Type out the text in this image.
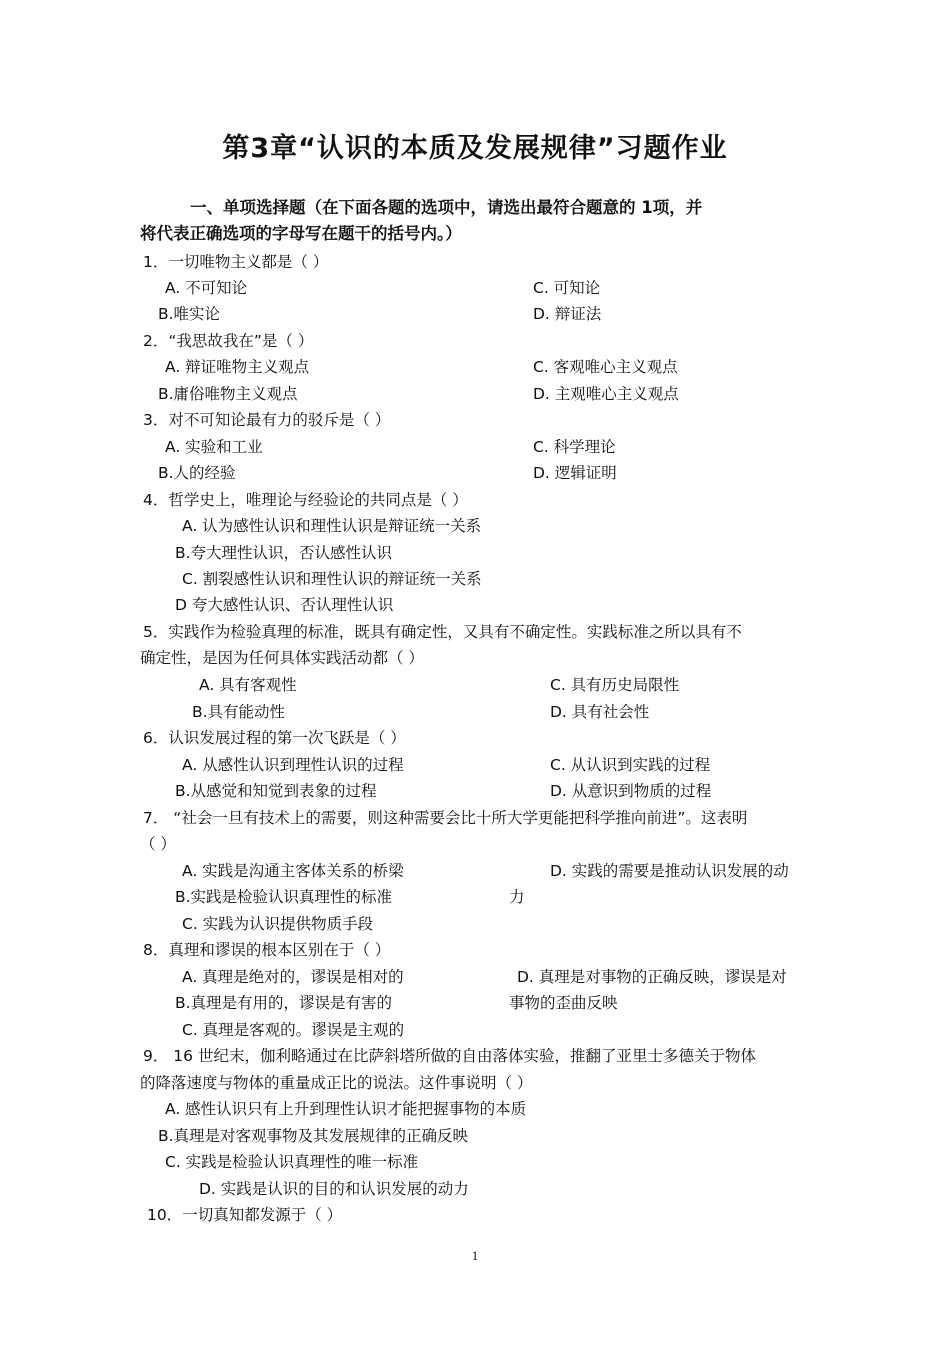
第3章“认识的本质及发展规律”习题作业
一、单项选择题（在下面各题的选项中，请选出最符合题意的 1项，并
将代表正确选项的字母写在题干的括号内。）
1．一切唯物主义都是（ ）
A. 不可知论	C. 可知论
B.唯实论	D. 辩证法
2．“我思故我在”是（ ）
A. 辩证唯物主义观点	C. 客观唯心主义观点
B.庸俗唯物主义观点	D. 主观唯心主义观点
3．对不可知论最有力的驳斥是（ ）
A. 实验和工业	C. 科学理论
B.人的经验	D. 逻辑证明
4．哲学史上，唯理论与经验论的共同点是（ ）
A. 认为感性认识和理性认识是辩证统一关系
B.夸大理性认识，否认感性认识
C. 割裂感性认识和理性认识的辩证统一关系
D 夸大感性认识、否认理性认识
5．实践作为检验真理的标准，既具有确定性，又具有不确定性。实践标准之所以具有不
确定性，是因为任何具体实践活动都（ ）
A. 具有客观性	C. 具有历史局限性
B.具有能动性	D. 具有社会性
6．认识发展过程的第一次飞跃是（ ）
A. 从感性认识到理性认识的过程	C. 从认识到实践的过程
B.从感觉和知觉到表象的过程	D. 从意识到物质的过程
7． “社会一旦有技术上的需要，则这种需要会比十所大学更能把科学推向前进”。这表明
（ ）
A. 实践是沟通主客体关系的桥梁	D. 实践的需要是推动认识发展的动
B.实践是检验认识真理性的标准	力
C. 实践为认识提供物质手段
8．真理和谬误的根本区别在于（ ）
A. 真理是绝对的，谬误是相对的	D. 真理是对事物的正确反映，谬误是对
B.真理是有用的，谬误是有害的	事物的歪曲反映
C. 真理是客观的。谬误是主观的
9． 16 世纪末，伽利略通过在比萨斜塔所做的自由落体实验，推翻了亚里士多德关于物体
的降落速度与物体的重量成正比的说法。这件事说明（ ）
A. 感性认识只有上升到理性认识才能把握事物的本质
B.真理是对客观事物及其发展规律的正确反映
C. 实践是检验认识真理性的唯一标准
D. 实践是认识的目的和认识发展的动力
10．一切真知都发源于（ ）
1
